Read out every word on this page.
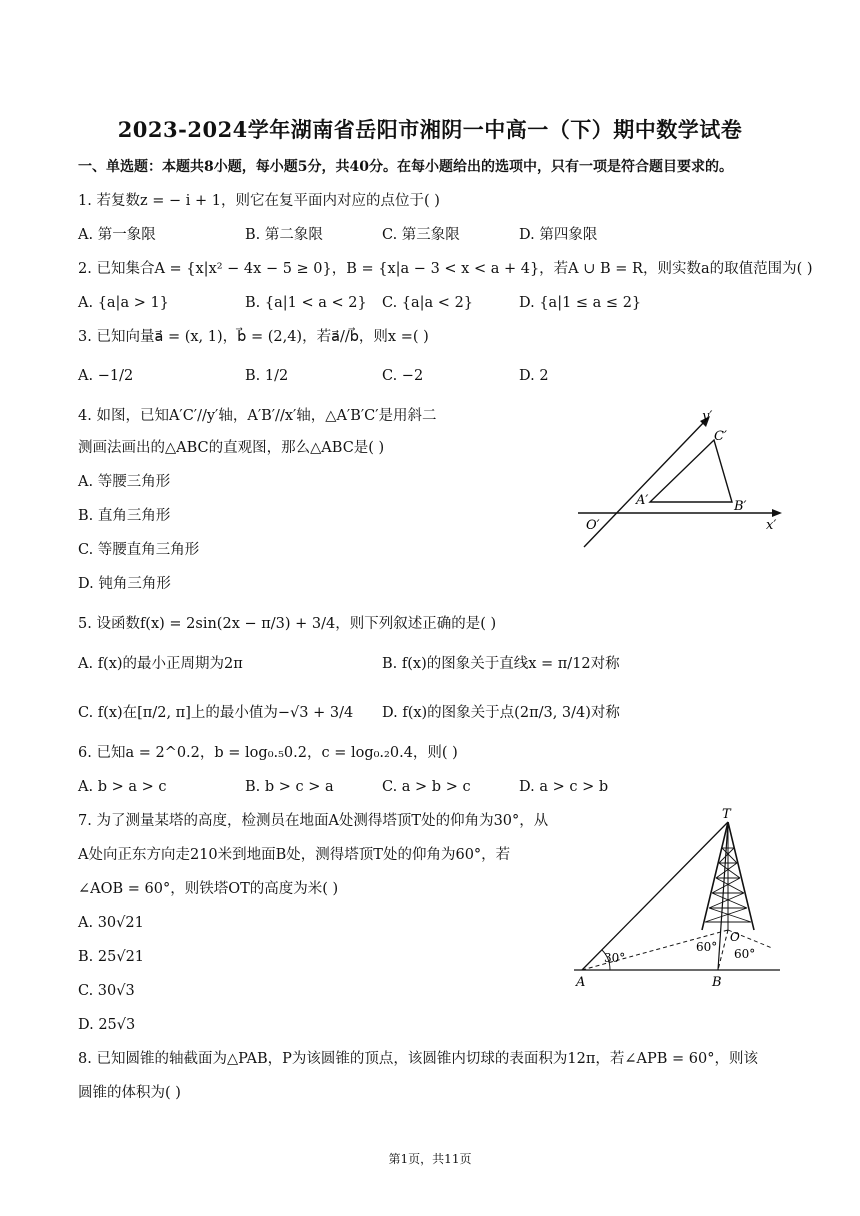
2023-2024学年湖南省岳阳市湘阴一中高一（下）期中数学试卷
一、单选题：本题共8小题，每小题5分，共40分。在每小题给出的选项中，只有一项是符合题目要求的。
1. 若复数z = − i + 1，则它在复平面内对应的点位于( )
A. 第一象限	B. 第二象限	C. 第三象限	D. 第四象限
2. 已知集合A = {x|x² − 4x − 5 ≥ 0}，B = {x|a − 3 < x < a + 4}，若A ∪ B = R，则实数a的取值范围为( )
A. {a|a > 1}	B. {a|1 < a < 2} C. {a|a < 2}	D. {a|1 ≤ a ≤ 2}
3. 已知向量a⃗ = (x, 1)，b⃗ = (2,4)，若a⃗//b⃗，则x =( )
A. −1/2	B. 1/2	C. −2	D. 2
4. 如图，已知A′C′//y′轴，A′B′//x′轴，△A′B′C′是用斜二
测画法画出的△ABC的直观图，那么△ABC是( )
A. 等腰三角形
B. 直角三角形
C. 等腰直角三角形
D. 钝角三角形
y′
x′
O′
A′	B′
C′
5. 设函数f(x) = 2sin(2x − π/3) + 3/4，则下列叙述正确的是( )
A. f(x)的最小正周期为2π	B. f(x)的图象关于直线x = π/12对称
C. f(x)在[π/2, π]上的最小值为−√3 + 3/4 D. f(x)的图象关于点(2π/3, 3/4)对称
6. 已知a = 2^0.2，b = log₀.₅0.2，c = log₀.₂0.4，则( )
A. b > a > c	B. b > c > a	C. a > b > c	D. a > c > b
7. 为了测量某塔的高度，检测员在地面A处测得塔顶T处的仰角为30°，从
A处向正东方向走210米到地面B处，测得塔顶T处的仰角为60°，若
∠AOB = 60°，则铁塔OT的高度为米( )
A. 30√21
B. 25√21
C. 30√3
D. 25√3
30°
60° 60°
T
O
A	B
8. 已知圆锥的轴截面为△PAB，P为该圆锥的顶点，该圆锥内切球的表面积为12π，若∠APB = 60°，则该
圆锥的体积为( )
第1页，共11页
